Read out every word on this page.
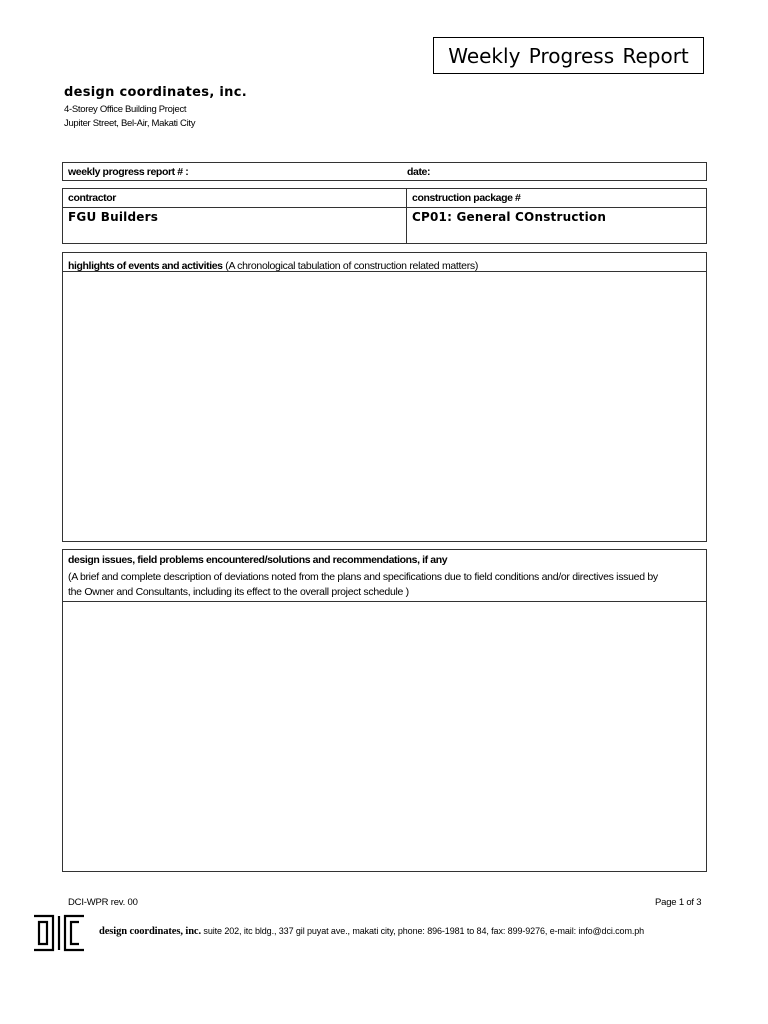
Weekly Progress Report
design coordinates, inc.
4-Storey Office Building Project
Jupiter Street, Bel-Air, Makati City
weekly progress report # :	date:
contractor
FGU Builders
construction package #
CP01: General COnstruction
highlights of events and activities (A chronological tabulation of construction related matters)
design issues, field problems encountered/solutions and recommendations, if any
(A brief and complete description of deviations noted from the plans and specifications due to field conditions and/or directives issued by
the Owner and Consultants, including its effect to the overall project schedule )
DCI-WPR rev. 00	Page 1 of 3
design coordinates, inc. suite 202, itc bldg., 337 gil puyat ave., makati city, phone: 896-1981 to 84, fax: 899-9276, e-mail: info@dci.com.ph
